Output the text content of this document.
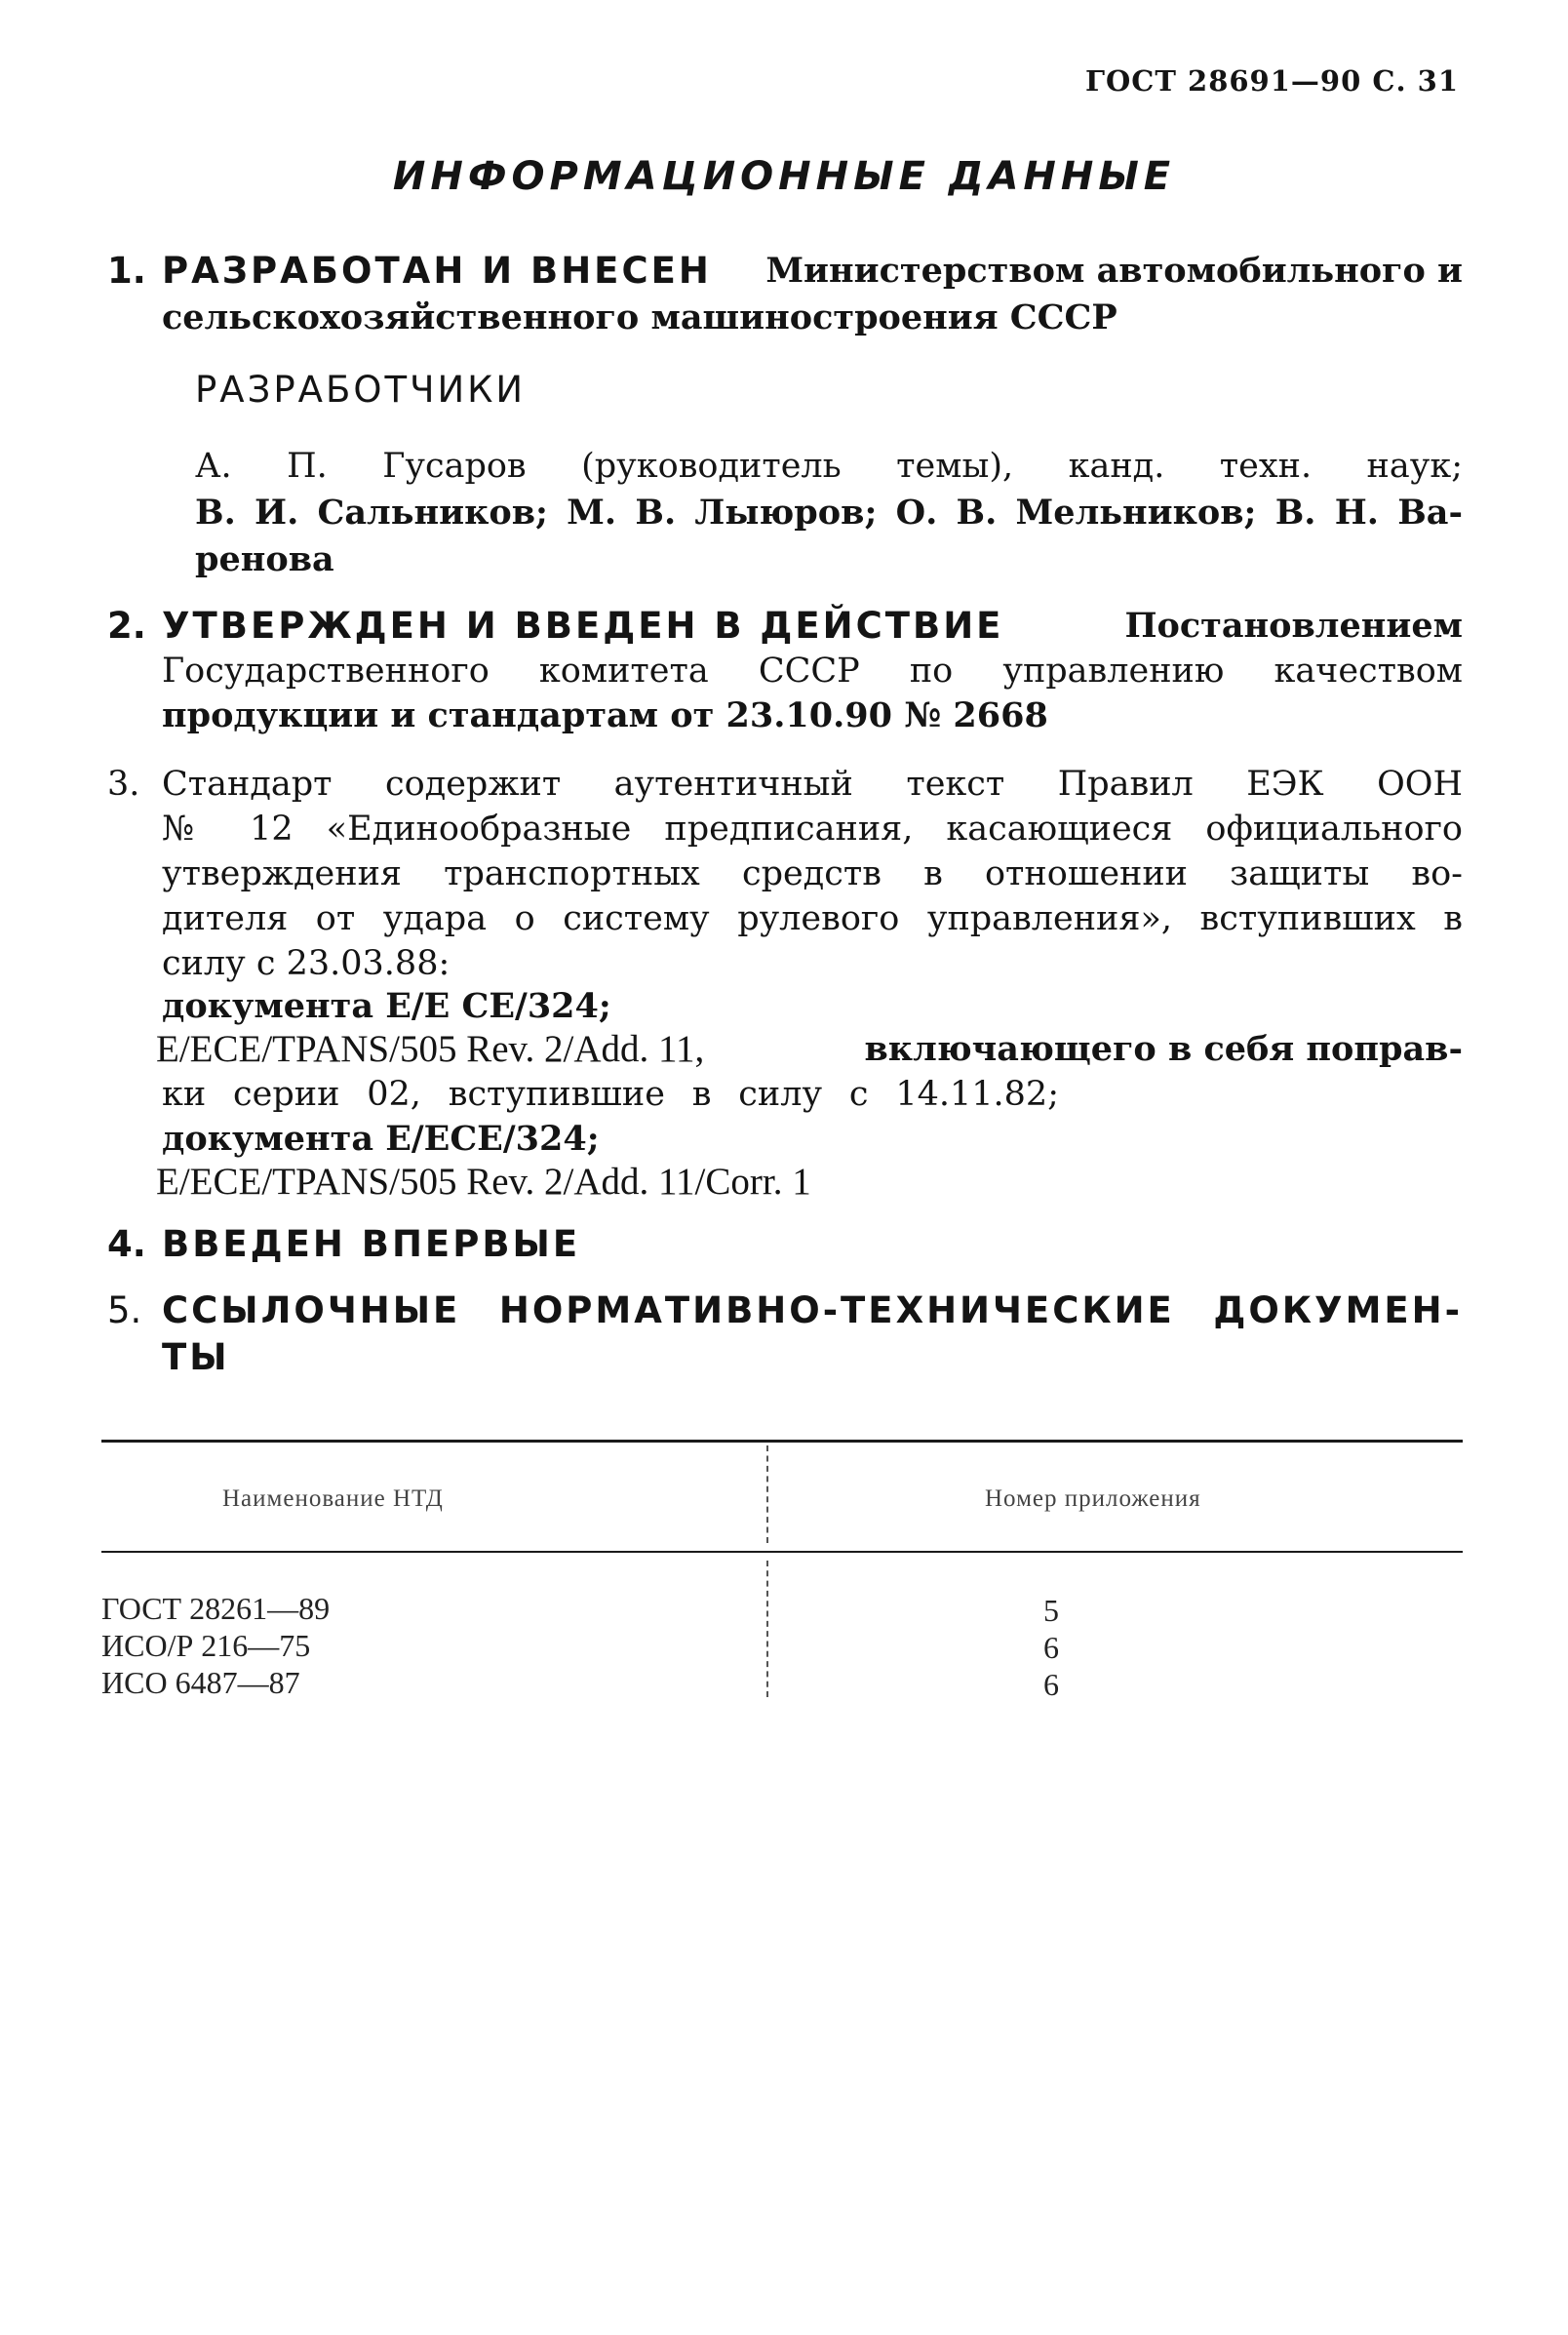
ГОСТ 28691—90 С. 31
ИНФОРМАЦИОННЫЕ ДАННЫЕ
1. РАЗРАБОТАН И ВНЕСЕН Министерством автомобильного и
сельскохозяйственного машиностроения СССР
РАЗРАБОТЧИКИ
А. П. Гусаров (руководитель темы), канд. техн. наук;
В. И. Сальников; М. В. Лыюров; О. В. Мельников; В. Н. Ва-
ренова
2. УТВЕРЖДЕН И ВВЕДЕН В ДЕЙСТВИЕ	Постановлением
Государственного комитета СССР по управлению качеством
продукции и стандартам от 23.10.90 № 2668
3. Стандарт содержит аутентичный текст Правил ЕЭК ООН
№ 12 «Единообразные предписания, касающиеся официального
утверждения транспортных средств в отношении защиты во-
дителя от удара о систему рулевого управления», вступивших в
силу с 23.03.88:
документа Е/Е СЕ/324;
E/ECE/TPANS/505 Rev. 2/Add. 11,	включающего в себя поправ-
ки серии 02, вступившие в силу с 14.11.82;
документа Е/ЕСЕ/324;
E/ECE/TPANS/505 Rev. 2/Add. 11/Corr. 1
4. ВВЕДЕН ВПЕРВЫЕ
5. ССЫЛОЧНЫЕ НОРМАТИВНО-ТЕХНИЧЕСКИЕ ДОКУМЕН-
ТЫ
Наименование НТД	Номер приложения
ГОСТ 28261—89	5
ИСО/Р 216—75	6
ИСО 6487—87	6
